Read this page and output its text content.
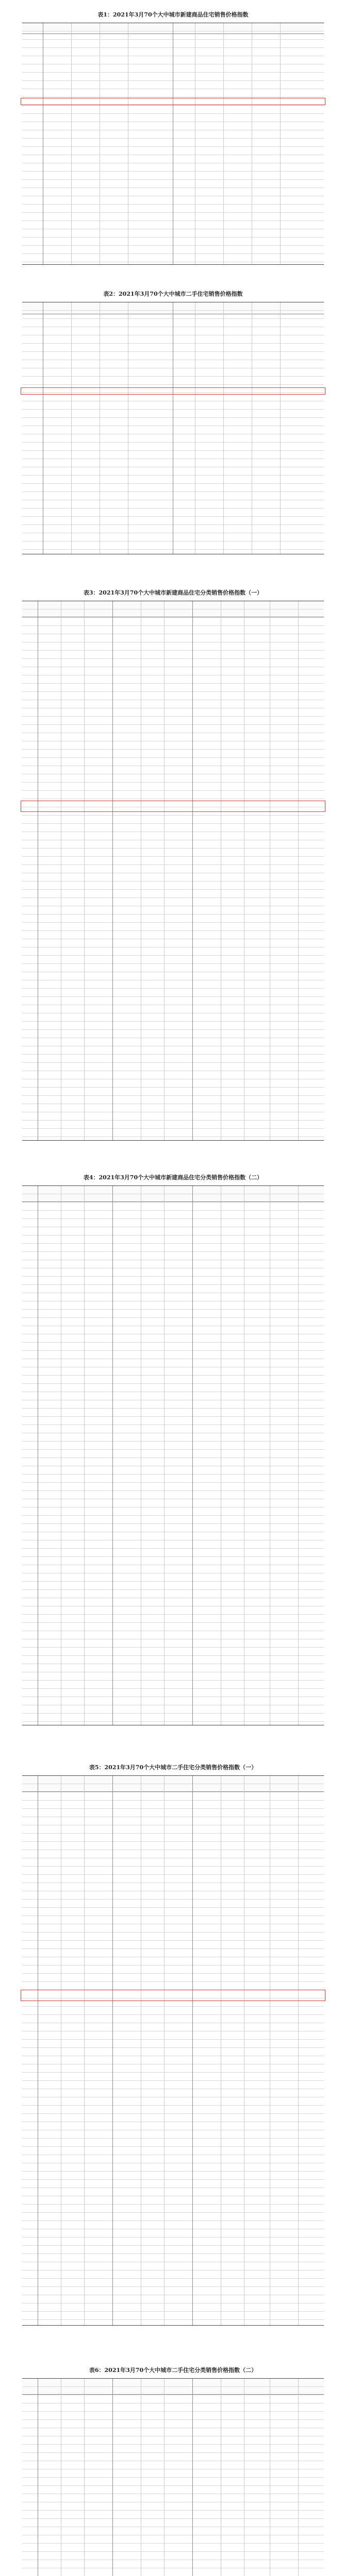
表1：2021年3月70个大中城市新建商品住宅销售价格指数
表2：2021年3月70个大中城市二手住宅销售价格指数
表3：2021年3月70个大中城市新建商品住宅分类销售价格指数（一）
表4：2021年3月70个大中城市新建商品住宅分类销售价格指数（二）
表5：2021年3月70个大中城市二手住宅分类销售价格指数（一）
表6：2021年3月70个大中城市二手住宅分类销售价格指数（二）
